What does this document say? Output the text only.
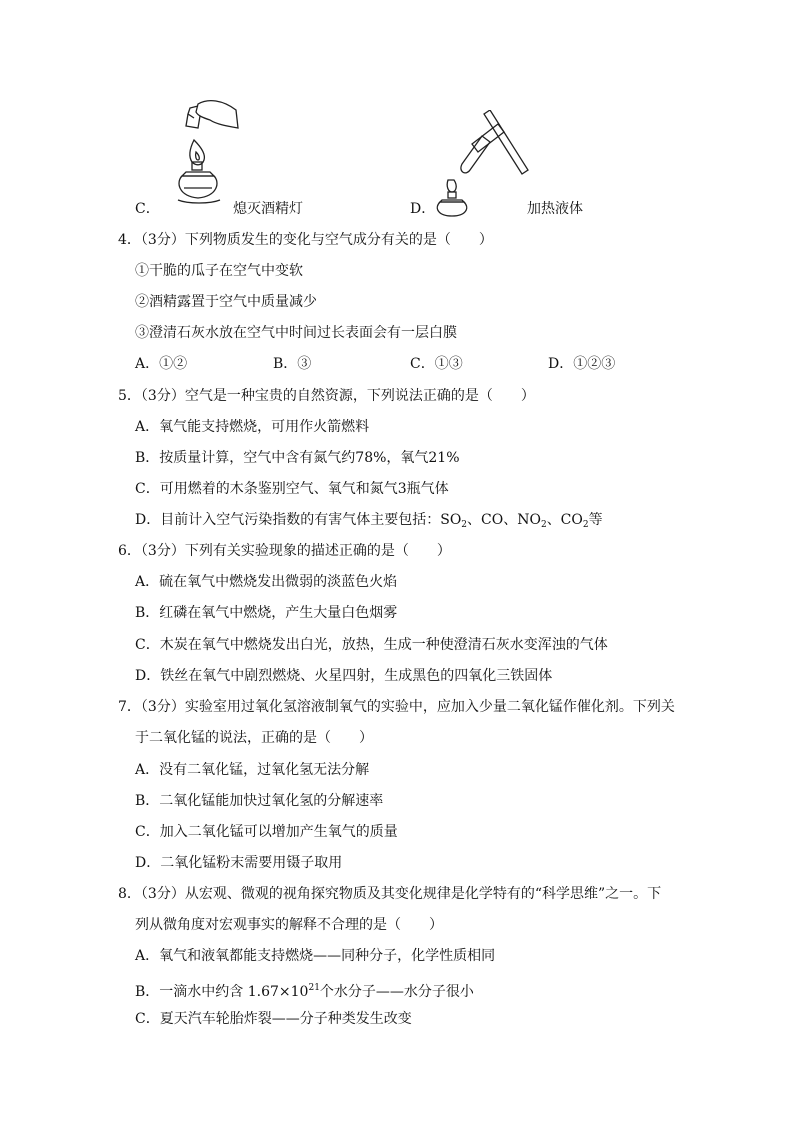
C．	熄灭酒精灯	D．	加热液体
4．（3分）下列物质发生的变化与空气成分有关的是（　　）
①干脆的瓜子在空气中变软
②酒精露置于空气中质量减少
③澄清石灰水放在空气中时间过长表面会有一层白膜
A．①②	B．③	C．①③	D．①②③
5．（3分）空气是一种宝贵的自然资源，下列说法正确的是（　　）
A．氧气能支持燃烧，可用作火箭燃料
B．按质量计算，空气中含有氮气约78%，氧气21%
C．可用燃着的木条鉴别空气、氧气和氮气3瓶气体
D．目前计入空气污染指数的有害气体主要包括：$SO_2$、CO、$NO_2$、$CO_2$等
6．（3分）下列有关实验现象的描述正确的是（　　）
A．硫在氧气中燃烧发出微弱的淡蓝色火焰
B．红磷在氧气中燃烧，产生大量白色烟雾
C．木炭在氧气中燃烧发出白光，放热，生成一种使澄清石灰水变浑浊的气体
D．铁丝在氧气中剧烈燃烧、火星四射，生成黑色的四氧化三铁固体
7．（3分）实验室用过氧化氢溶液制氧气的实验中，应加入少量二氧化锰作催化剂。下列关
于二氧化锰的说法，正确的是（　　）
A．没有二氧化锰，过氧化氢无法分解
B．二氧化锰能加快过氧化氢的分解速率
C．加入二氧化锰可以增加产生氧气的质量
D．二氧化锰粉末需要用镊子取用
8．（3分）从宏观、微观的视角探究物质及其变化规律是化学特有的“科学思维”之一。下
列从微角度对宏观事实的解释不合理的是（　　）
A．氧气和液氧都能支持燃烧——同种分子，化学性质相同
B．一滴水中约含 $1.67\times 10^{21}$个水分子——水分子很小
C．夏天汽车轮胎炸裂——分子种类发生改变
